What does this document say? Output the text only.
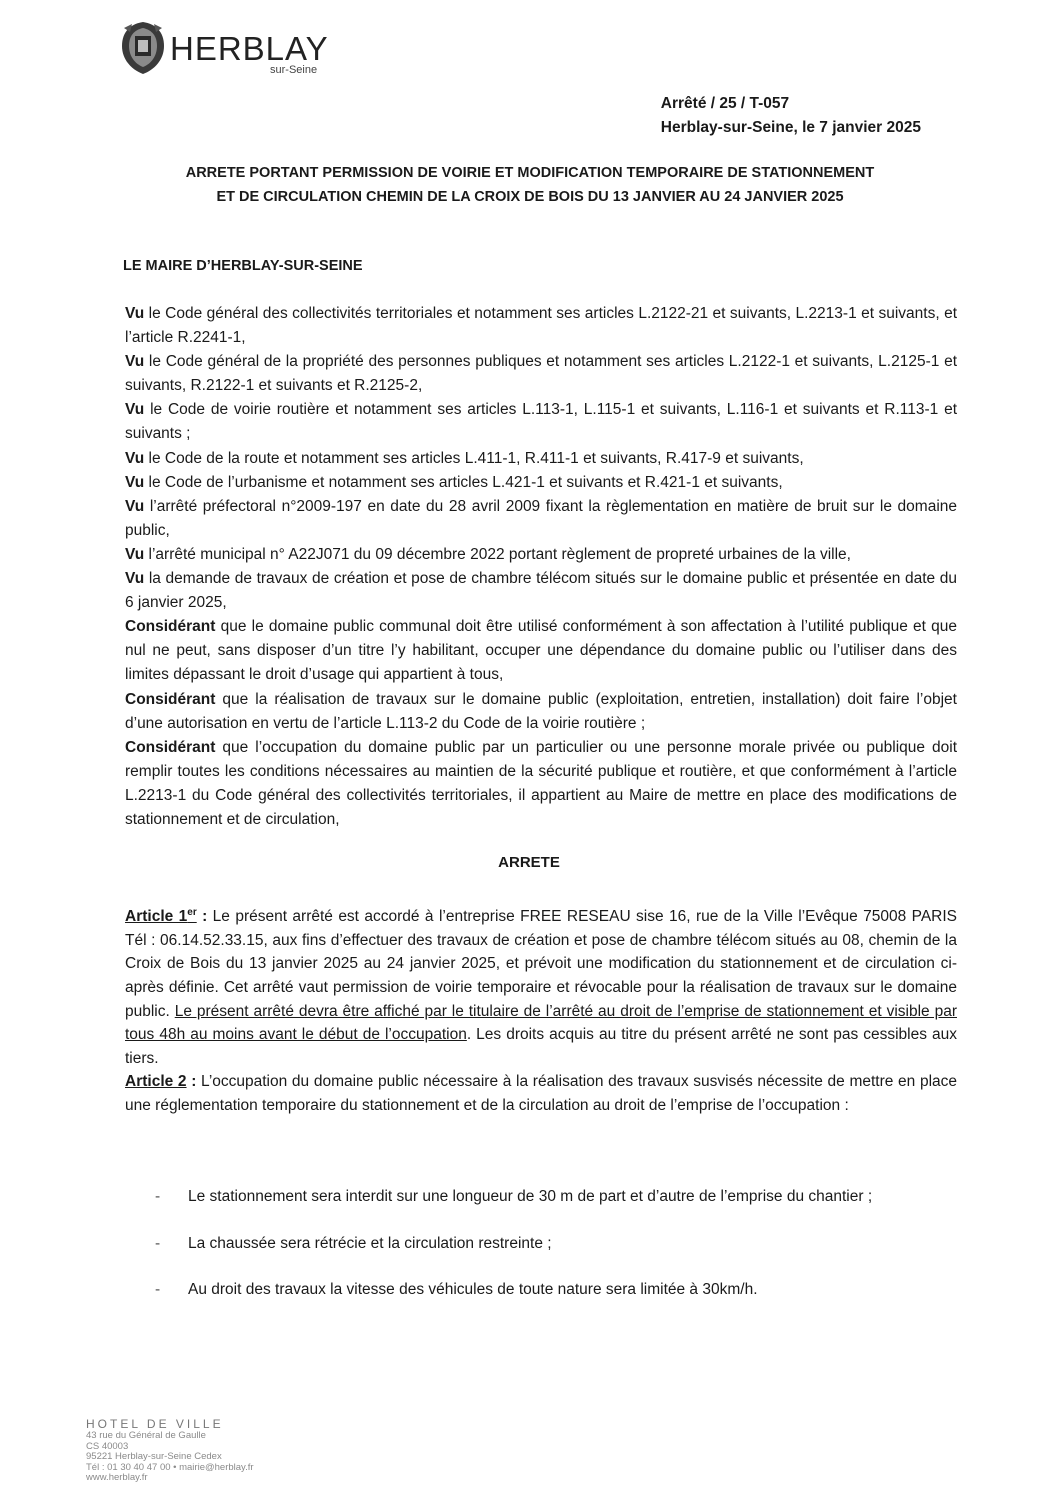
HERBLAY
sur-Seine
Arrêté / 25 / T-057
Herblay-sur-Seine, le 7 janvier 2025
ARRETE PORTANT PERMISSION DE VOIRIE ET MODIFICATION TEMPORAIRE DE STATIONNEMENT
ET DE CIRCULATION CHEMIN DE LA CROIX DE BOIS DU 13 JANVIER AU 24 JANVIER 2025
LE MAIRE D’HERBLAY-SUR-SEINE

Vu le Code général des collectivités territoriales et notamment ses articles L.2122-21 et suivants, L.2213-1 et suivants, et l’article R.2241-1,

Vu le Code général de la propriété des personnes publiques et notamment ses articles L.2122-1 et suivants, L.2125-1 et suivants, R.2122-1 et suivants et R.2125-2,

Vu le Code de voirie routière et notamment ses articles L.113-1, L.115-1 et suivants, L.116-1 et suivants et R.113-1 et suivants ;

Vu le Code de la route et notamment ses articles L.411-1, R.411-1 et suivants, R.417-9 et suivants,

Vu le Code de l’urbanisme et notamment ses articles L.421-1 et suivants et R.421-1 et suivants,

Vu l’arrêté préfectoral n°2009-197 en date du 28 avril 2009 fixant la règlementation en matière de bruit sur le domaine public,

Vu l’arrêté municipal n° A22J071 du 09 décembre 2022 portant règlement de propreté urbaines de la ville,

Vu la demande de travaux de création et pose de chambre télécom situés sur le domaine public et présentée en date du 6 janvier 2025,

Considérant que le domaine public communal doit être utilisé conformément à son affectation à l’utilité publique et que nul ne peut, sans disposer d’un titre l’y habilitant, occuper une dépendance du domaine public ou l’utiliser dans des limites dépassant le droit d’usage qui appartient à tous,

Considérant que la réalisation de travaux sur le domaine public (exploitation, entretien, installation) doit faire l’objet d’une autorisation en vertu de l’article L.113-2 du Code de la voirie routière ;

Considérant que l’occupation du domaine public par un particulier ou une personne morale privée ou publique doit remplir toutes les conditions nécessaires au maintien de la sécurité publique et routière, et que conformément à l’article L.2213-1 du Code général des collectivités territoriales, il appartient au Maire de mettre en place des modifications de stationnement et de circulation,

ARRETE

Article 1er : Le présent arrêté est accordé à l’entreprise FREE RESEAU sise 16, rue de la Ville l’Evêque 75008 PARIS Tél : 06.14.52.33.15, aux fins d’effectuer des travaux de création et pose de chambre télécom situés au 08, chemin de la Croix de Bois du 13 janvier 2025 au 24 janvier 2025, et prévoit une modification du stationnement et de circulation ci-après définie. Cet arrêté vaut permission de voirie temporaire et révocable pour la réalisation de travaux sur le domaine public. Le présent arrêté devra être affiché par le titulaire de l’arrêté au droit de l’emprise de stationnement et visible par tous 48h au moins avant le début de l’occupation. Les droits acquis au titre du présent arrêté ne sont pas cessibles aux tiers.

Article 2 : L’occupation du domaine public nécessaire à la réalisation des travaux susvisés nécessite de mettre en place une réglementation temporaire du stationnement et de la circulation au droit de l’emprise de l’occupation :

- Le stationnement sera interdit sur une longueur de 30 m de part et d’autre de l’emprise du chantier ;
- La chaussée sera rétrécie et la circulation restreinte ;
- Au droit des travaux la vitesse des véhicules de toute nature sera limitée à 30km/h.
HOTEL DE VILLE
43 rue du Général de Gaulle
CS 40003
95221 Herblay-sur-Seine Cedex
Tél : 01 30 40 47 00 • mairie@herblay.fr
www.herblay.fr
